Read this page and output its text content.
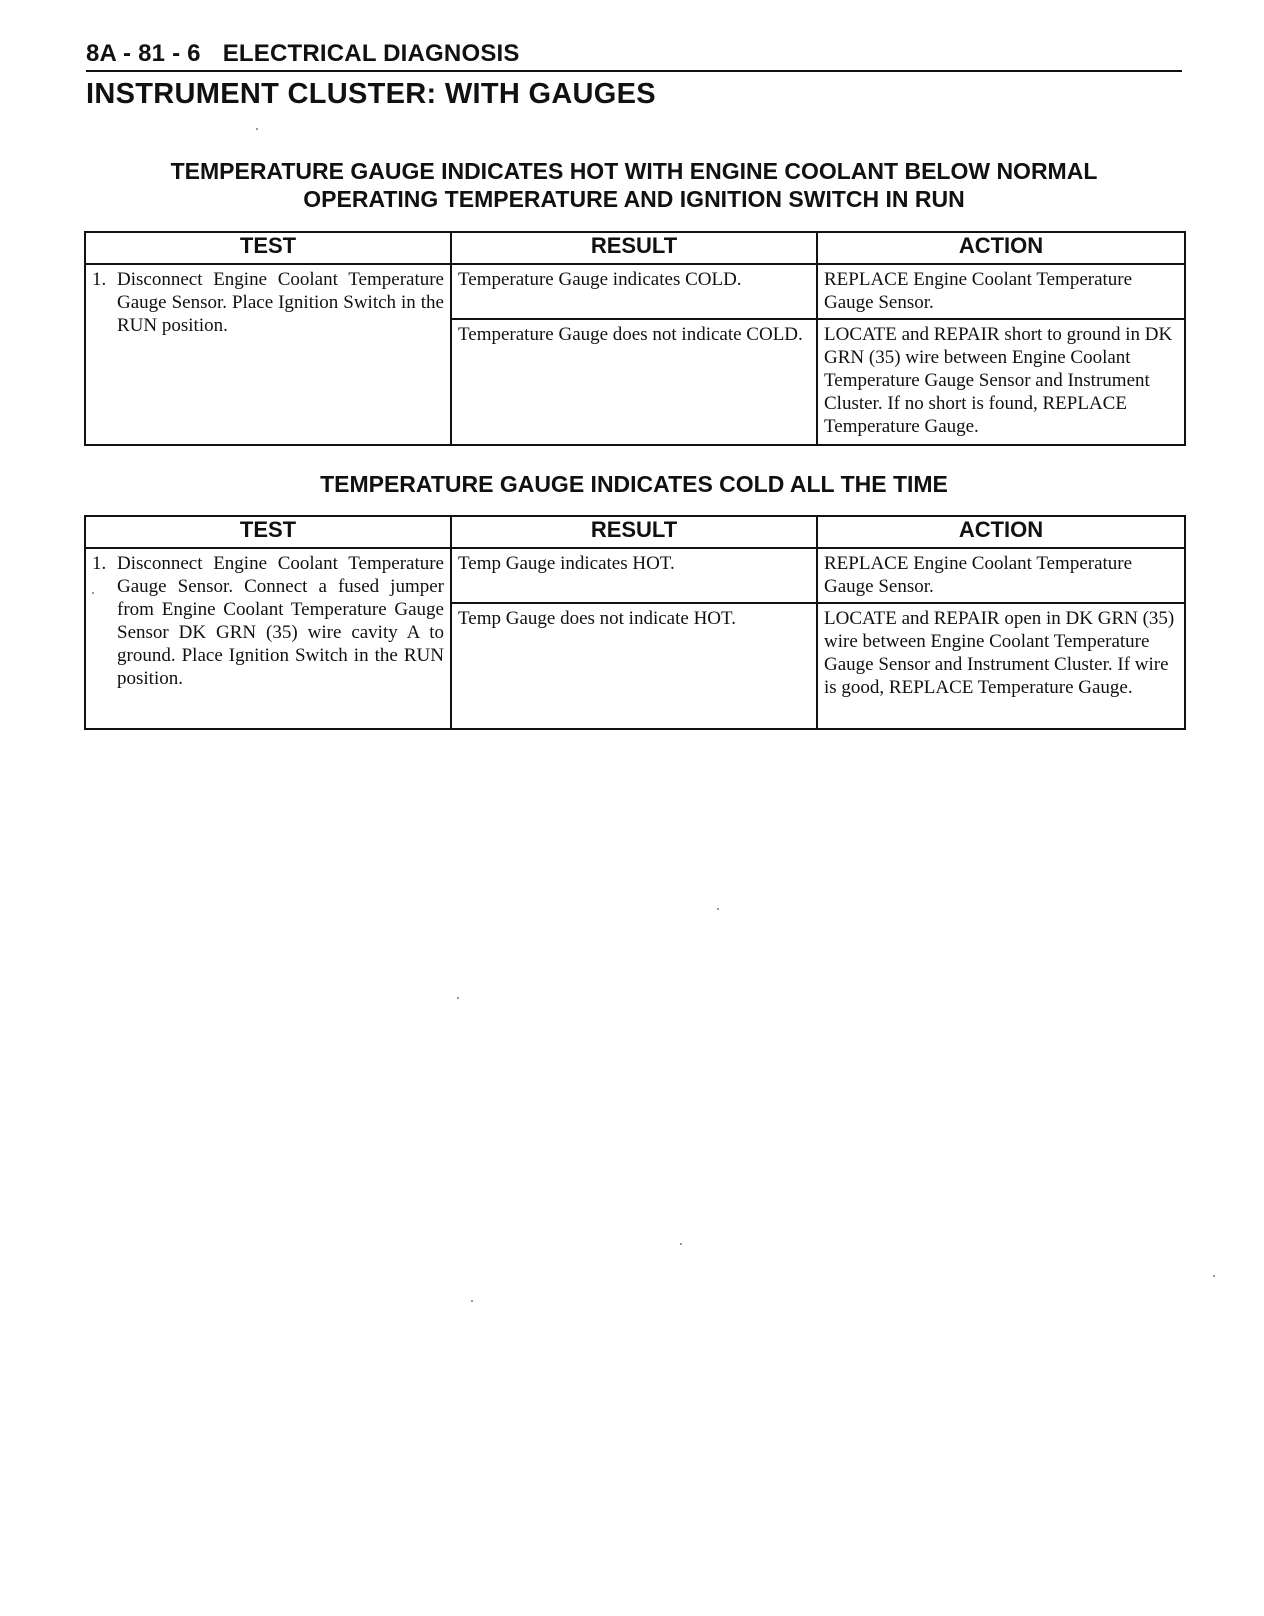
8A - 81 - 6 ELECTRICAL DIAGNOSIS
INSTRUMENT CLUSTER: WITH GAUGES
TEMPERATURE GAUGE INDICATES HOT WITH ENGINE COOLANT BELOW NORMAL
OPERATING TEMPERATURE AND IGNITION SWITCH IN RUN
TEST	RESULT	ACTION

1. Disconnect Engine Coolant Temperature Gauge Sensor. Place Ignition Switch in the RUN position.	Temperature Gauge indicates COLD.	REPLACE Engine Coolant Temperature Gauge Sensor.
	Temperature Gauge does not indicate COLD.	LOCATE and REPAIR short to ground in DK GRN (35) wire between Engine Coolant Temperature Gauge Sensor and Instrument Cluster. If no short is found, REPLACE Temperature Gauge.
TEMPERATURE GAUGE INDICATES COLD ALL THE TIME
TEST	RESULT	ACTION

1. Disconnect Engine Coolant Temperature Gauge Sensor. Connect a fused jumper from Engine Coolant Temperature Gauge Sensor DK GRN (35) wire cavity A to ground. Place Ignition Switch in the RUN position.	Temp Gauge indicates HOT.	REPLACE Engine Coolant Temperature Gauge Sensor.
	Temp Gauge does not indicate HOT.	LOCATE and REPAIR open in DK GRN (35) wire between Engine Coolant Temperature Gauge Sensor and Instrument Cluster. If wire is good, REPLACE Temperature Gauge.
